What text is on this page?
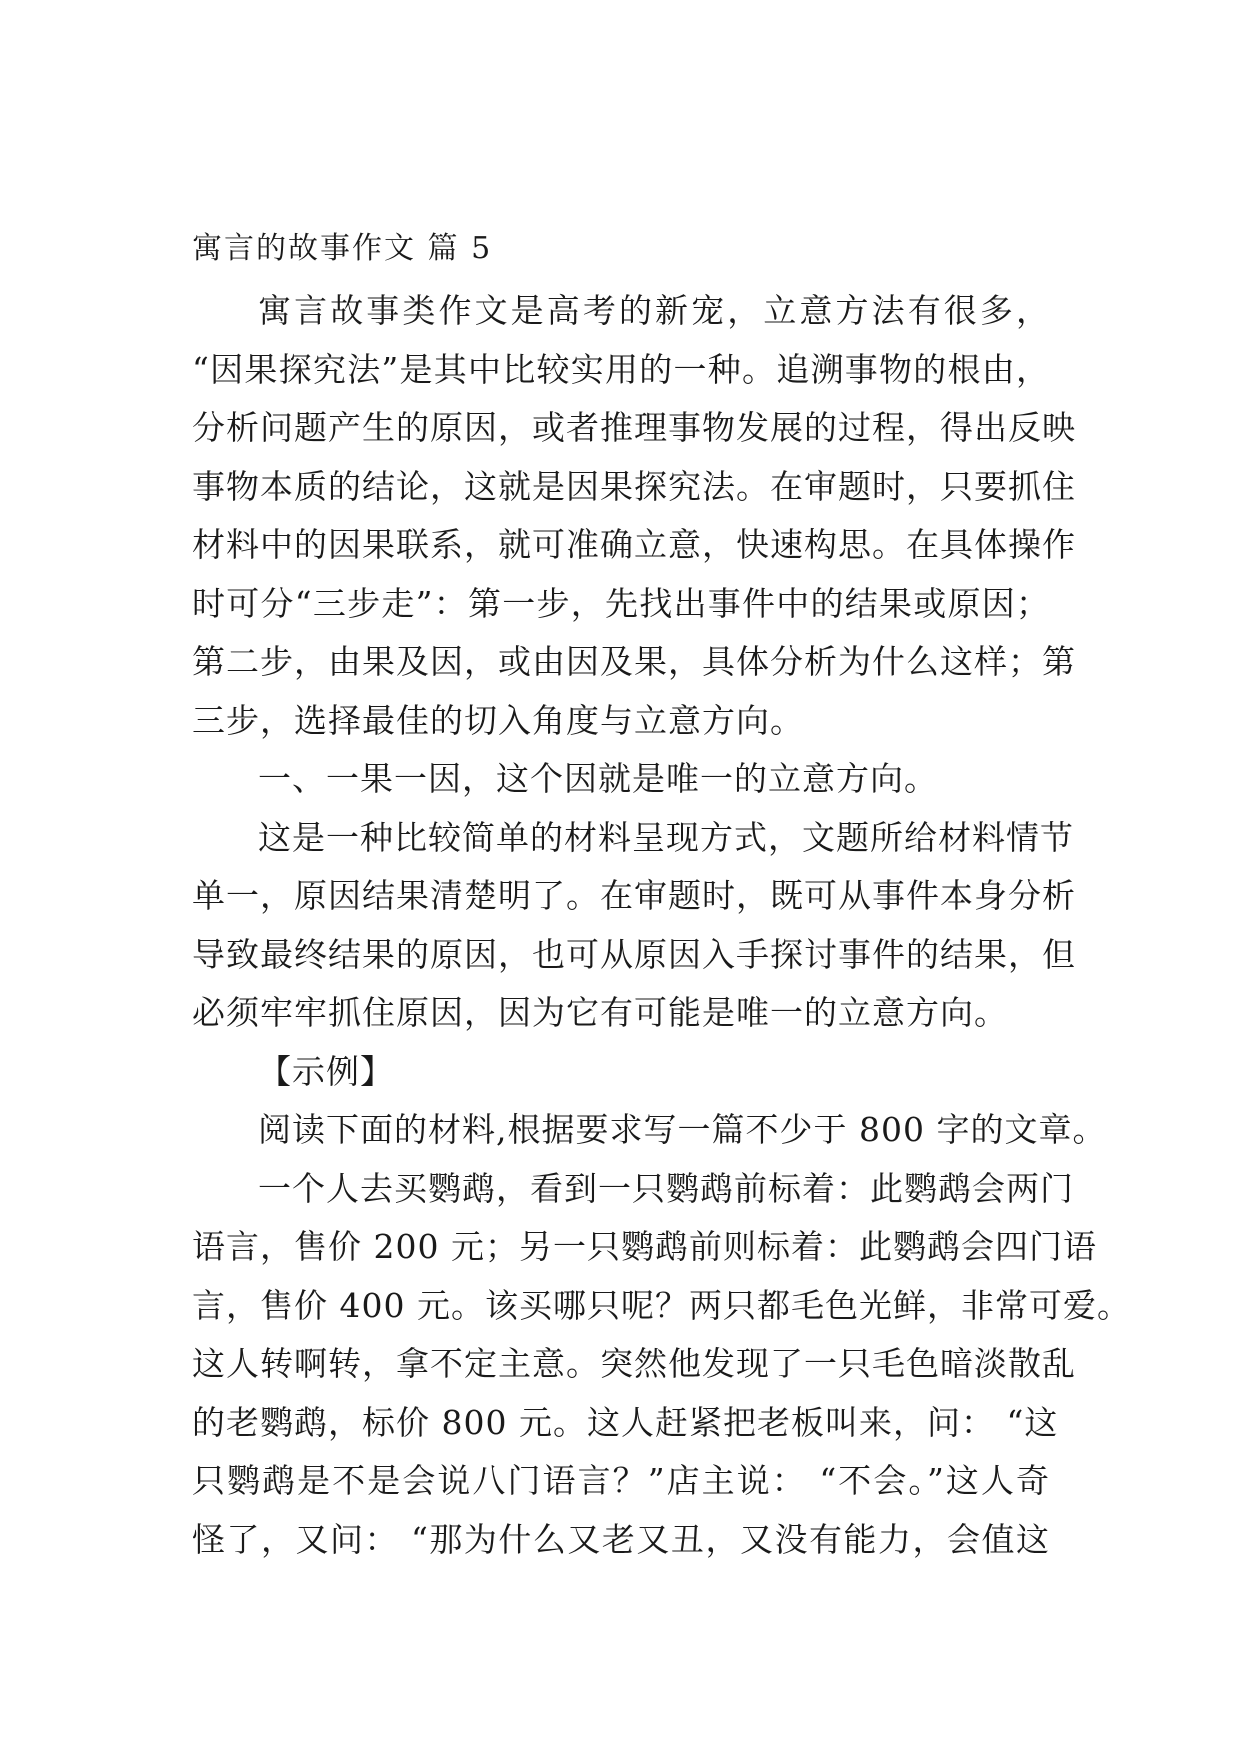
寓言的故事作文 篇 5
寓言故事类作文是高考的新宠，立意方法有很多，
“因果探究法”是其中比较实用的一种。追溯事物的根由，
分析问题产生的原因，或者推理事物发展的过程，得出反映
事物本质的结论，这就是因果探究法。在审题时，只要抓住
材料中的因果联系，就可准确立意，快速构思。在具体操作
时可分“三步走”：第一步，先找出事件中的结果或原因；
第二步，由果及因，或由因及果，具体分析为什么这样；第
三步，选择最佳的切入角度与立意方向。
一、一果一因，这个因就是唯一的立意方向。
这是一种比较简单的材料呈现方式，文题所给材料情节
单一，原因结果清楚明了。在审题时，既可从事件本身分析
导致最终结果的原因，也可从原因入手探讨事件的结果，但
必须牢牢抓住原因，因为它有可能是唯一的立意方向。
【示例】
阅读下面的材料,根据要求写一篇不少于 800 字的文章。
一个人去买鹦鹉，看到一只鹦鹉前标着：此鹦鹉会两门
语言，售价 200 元；另一只鹦鹉前则标着：此鹦鹉会四门语
言，售价 400 元。该买哪只呢？两只都毛色光鲜，非常可爱。
这人转啊转，拿不定主意。突然他发现了一只毛色暗淡散乱
的老鹦鹉，标价 800 元。这人赶紧把老板叫来，问： “这
只鹦鹉是不是会说八门语言？”店主说： “不会。”这人奇
怪了，又问： “那为什么又老又丑，又没有能力，会值这
